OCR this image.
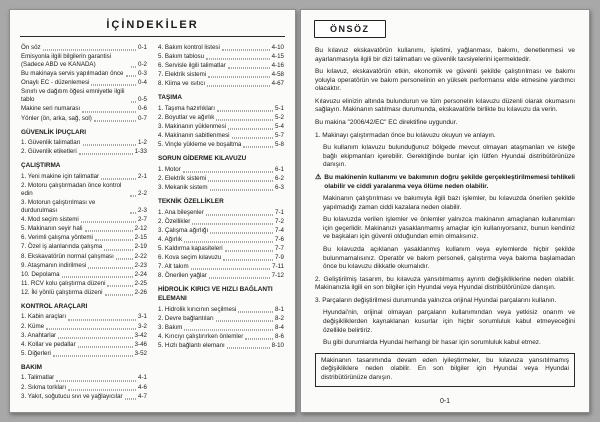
İÇİNDEKİLER
Ön söz	0-1
Emisyonla ilgili bilgilerin garantisi (Sadece ABD ve KANADA)	0-2
Bu makinaya servis yapılmadan önce 0-3
Onaylı EC - düzenlemesi	0-4
Sınırlı ve dağıtım öğesi emniyetle ilgili tablo	0-5
Makine seri numarası	0-6
Yönler (ön, arka, sağ, sol)	0-7
GÜVENLİK İPUÇLARI
1. Güvenlik talimatları	1-2
2. Güvenlik etiketleri	1-33
ÇALIŞTIRMA
1. Yeni makine için talimatlar	2-1
2. Motoru çalıştırmadan önce kontrol edin	2-2
3. Motorun çalıştırılması ve durdurulması	2-3
4. Mod seçim sistemi	2-7
5. Makinanın seyir hali	2-12
6. Verimli çalışma yöntemi	2-15
7. Özel iş alanlarında çalışma	2-19
8. Ekskavatörün normal çalışması	2-22
9. Ataşmanın indirilmesi	2-23
10. Depolama	2-24
11. RCV kolu çalıştırma düzeni	2-25
12. İki yönlü çalıştırma düzeni	2-26
KONTROL ARAÇLARI
1. Kabin araçları	3-1
2. Küme	3-2
3. Anahtarlar	3-42
4. Kollar ve pedallar	3-46
5. Diğerleri	3-52
BAKIM
1. Talimatlar	4-1
2. Sıkma torkları	4-6
3. Yakıt, soğutucu sıvı ve yağlayıcılar 4-7
4. Bakım kontrol listesi	4-10
5. Bakım tablosu	4-15
6. Servisle ilgili talimatlar	4-16
7. Elektrik sistemi	4-58
8. Klima ve ısıtıcı	4-67
TAŞIMA
1. Taşıma hazırlıkları	5-1
2. Boyutlar ve ağırlık	5-2
3. Makinanın yüklenmesi	5-4
4. Makinanın sabitlenmesi	5-7
5. Vinçle yükleme ve boşaltma	5-8
SORUN GİDERME KILAVUZU
1. Motor	6-1
2. Elektrik sistemi	6-2
3. Mekanik sistem	6-3
TEKNİK ÖZELLİKLER
1. Ana bileşenler	7-1
2. Özellikler	7-2
3. Çalışma ağırlığı	7-4
4. Ağırlık	7-6
5. Kaldırma kapasiteleri	7-7
6. Kova seçim kılavuzu	7-9
7. Alt takım	7-11
8. Önerilen yağlar	7-12
HİDROLİK KIRICI VE HIZLI BAĞLANTI ELEMANI
1. Hidrolik kırıcının seçilmesi	8-1
2. Devre bağlantıları	8-2
3. Bakım	8-4
4. Kırıcıyı çalıştırırken önlemler	8-6
5. Hızlı bağlantı elemanı	8-10
ÖNSÖZ
Bu kılavuz ekskavatörün kullanımı, işletimi, yağlanması, bakımı, denetlenmesi ve ayarlanmasıyla ilgili bir dizi talimatları ve güvenlik tavsiyelerini içermektedir.
Bu kılavuz, ekskavatörün etkin, ekonomik ve güvenli şekilde çalıştırılması ve bakımı yoluyla operatörün ve bakım personelinin en yüksek performansı elde etmesine yardımcı olacaktır.
Kılavuzu elinizin altında bulundurun ve tüm personelin kılavuzu düzenli olarak okumasını sağlayın. Makinanın satılması durumunda, ekskavatörle birlikte bu kılavuzu da verin.
Bu makina "2006/42/EC" EC direktifine uygundur.
1. Makinayı çalıştırmadan önce bu kılavuzu okuyun ve anlayın.
Bu kullanım kılavuzu bulunduğunuz bölgede mevcut olmayan ataşmanları ve isteğe bağlı ekipmanları içerebilir. Gerektiğinde bunlar için lütfen Hyundai distribütörünüze danışın.
⚠ Bu makinenin kullanımı ve bakımının doğru şekilde gerçekleştirilmemesi tehlikeli olabilir ve ciddi yaralanma veya ölüme neden olabilir.
Makinanın çalıştırılması ve bakımıyla ilgili bazı işlemler, bu kılavuzda önerilen şekilde yapılmadığı zaman ciddi kazalara neden olabilir.
Bu kılavuzda verilen işlemler ve önlemler yalnızca makinanın amaçlanan kullanımları için geçerlidir. Makinanızı yasaklanmamış amaçlar için kullanıyorsanız, bunun kendiniz ve başkaları için güvenli olduğundan emin olmalısınız.
Bu kılavuzda açıklanan yasaklanmış kullanım veya eylemlerde hiçbir şekilde bulunmamalısınız. Operatör ve bakım personeli, çalıştırma veya bakıma başlamadan önce bu kılavuzu dikkatle okumalıdır.
2. Geliştirilmiş tasarım, bu kılavuza yansıtılmamış ayrıntı değişikliklerine neden olabilir. Makinanızla ilgili en son bilgiler için Hyundai veya Hyundai distribütörünüze danışın.
3. Parçaların değiştirilmesi durumunda yalnızca orijinal Hyundai parçalarını kullanın.
Hyundai'nin, orijinal olmayan parçaların kullanımından veya yetkisiz onarım ve değişikliklerden kaynaklanan kusurlar için hiçbir sorumluluk kabul etmeyeceğini özellikle belirtiriz.
Bu gibi durumlarda Hyundai herhangi bir hasar için sorumluluk kabul etmez.
Makinanın tasarımında devam eden iyileştirmeler, bu kılavuza yansıtılmamış değişikliklere neden olabilir. En son bilgiler için Hyundai veya Hyundai distribütörünüze danışın.
0-1
